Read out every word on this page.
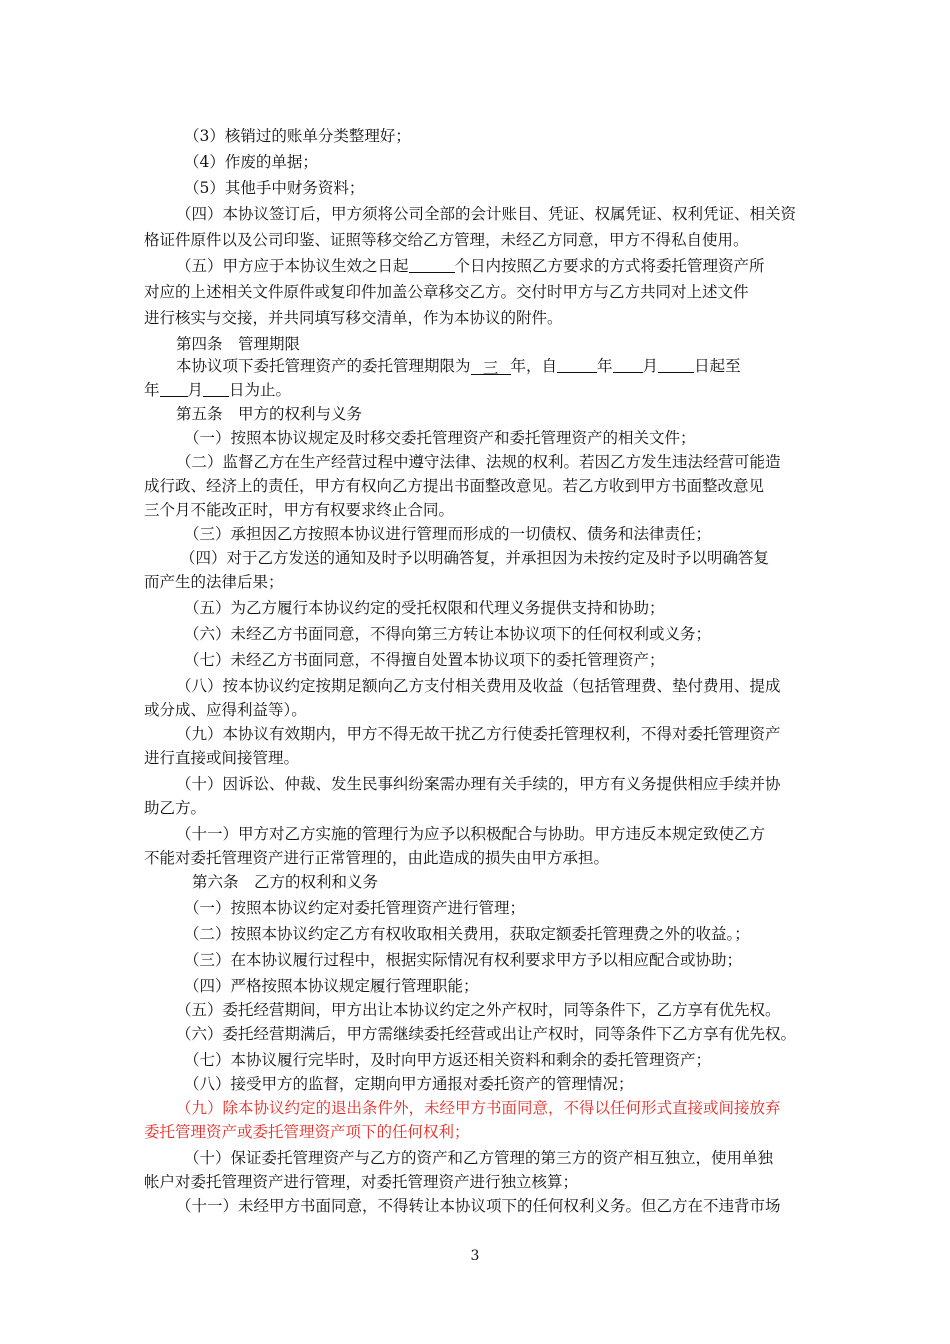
（3）核销过的账单分类整理好；
（4）作废的单据；
（5）其他手中财务资料；
（四）本协议签订后，甲方须将公司全部的会计账目、凭证、权属凭证、权利凭证、相关资
格证件原件以及公司印鉴、证照等移交给乙方管理，未经乙方同意，甲方不得私自使用。
（五）甲方应于本协议生效之日起	个日内按照乙方要求的方式将委托管理资产所
对应的上述相关文件原件或复印件加盖公章移交乙方。交付时甲方与乙方共同对上述文件
进行核实与交接，并共同填写移交清单，作为本协议的附件。
第四条　管理期限
本协议项下委托管理资产的委托管理期限为 三 年，自	年 月 日起至
年 月 日为止。
第五条　甲方的权利与义务
（一）按照本协议规定及时移交委托管理资产和委托管理资产的相关文件；
（二）监督乙方在生产经营过程中遵守法律、法规的权利。若因乙方发生违法经营可能造
成行政、经济上的责任，甲方有权向乙方提出书面整改意见。若乙方收到甲方书面整改意见
三个月不能改正时，甲方有权要求终止合同。
（三）承担因乙方按照本协议进行管理而形成的一切债权、债务和法律责任；
（四）对于乙方发送的通知及时予以明确答复，并承担因为未按约定及时予以明确答复
而产生的法律后果；
（五）为乙方履行本协议约定的受托权限和代理义务提供支持和协助；
（六）未经乙方书面同意，不得向第三方转让本协议项下的任何权利或义务；
（七）未经乙方书面同意，不得擅自处置本协议项下的委托管理资产；
（八）按本协议约定按期足额向乙方支付相关费用及收益（包括管理费、垫付费用、提成
或分成、应得利益等）。
（九）本协议有效期内，甲方不得无故干扰乙方行使委托管理权利，不得对委托管理资产
进行直接或间接管理。
（十）因诉讼、仲裁、发生民事纠纷案需办理有关手续的，甲方有义务提供相应手续并协
助乙方。
（十一）甲方对乙方实施的管理行为应予以积极配合与协助。甲方违反本规定致使乙方
不能对委托管理资产进行正常管理的，由此造成的损失由甲方承担。
第六条　乙方的权利和义务
（一）按照本协议约定对委托管理资产进行管理；
（二）按照本协议约定乙方有权收取相关费用，获取定额委托管理费之外的收益。；
（三）在本协议履行过程中，根据实际情况有权利要求甲方予以相应配合或协助；
（四）严格按照本协议规定履行管理职能；
（五）委托经营期间，甲方出让本协议约定之外产权时，同等条件下，乙方享有优先权。
（六）委托经营期满后，甲方需继续委托经营或出让产权时，同等条件下乙方享有优先权。
（七）本协议履行完毕时，及时向甲方返还相关资料和剩余的委托管理资产；
（八）接受甲方的监督，定期向甲方通报对委托资产的管理情况；
（九）除本协议约定的退出条件外，未经甲方书面同意，不得以任何形式直接或间接放弃
委托管理资产或委托管理资产项下的任何权利；
（十）保证委托管理资产与乙方的资产和乙方管理的第三方的资产相互独立，使用单独
帐户对委托管理资产进行管理，对委托管理资产进行独立核算；
（十一）未经甲方书面同意，不得转让本协议项下的任何权利义务。但乙方在不违背市场
3
